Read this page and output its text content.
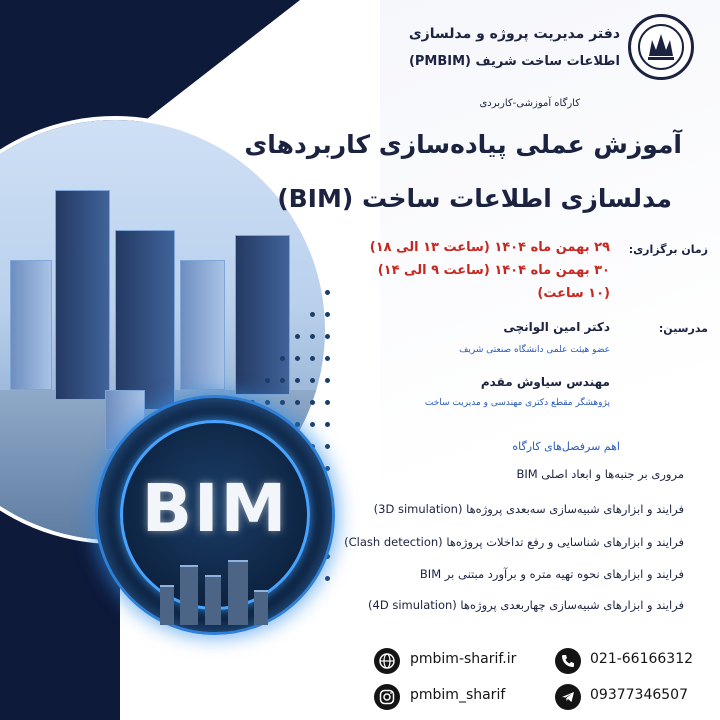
BIM
دفتر مدیریت پروژه و مدلسازی
اطلاعات ساخت شریف (PMBIM)
کارگاه آموزشی-کاربردی
آموزش عملی پیاده‌سازی کاربردهای
مدلسازی اطلاعات ساخت (BIM)
زمان برگزاری:
۲۹ بهمن ماه ۱۴۰۴ (ساعت ۱۳ الی ۱۸)
۳۰ بهمن ماه ۱۴۰۴ (ساعت ۹ الی ۱۴)
(۱۰ ساعت)
مدرسین:
دکتر امین الوانچی
عضو هیئت علمی دانشگاه صنعتی شریف
مهندس سیاوش مقدم
پژوهشگر مقطع دکتری مهندسی و مدیریت ساخت
اهم سرفصل‌های کارگاه
مروری بر جنبه‌ها و ابعاد اصلی BIM
فرایند و ابزارهای شبیه‌سازی سه‌بعدی پروژه‌ها (3D simulation)
فرایند و ابزارهای شناسایی و رفع تداخلات پروژه‌ها (Clash detection)
فرایند و ابزارهای نحوه تهیه متره و برآورد مبتنی بر BIM
فرایند و ابزارهای شبیه‌سازی چهاربعدی پروژه‌ها (4D simulation)
pmbim-sharif.ir
pmbim_sharif
021-66166312
09377346507
